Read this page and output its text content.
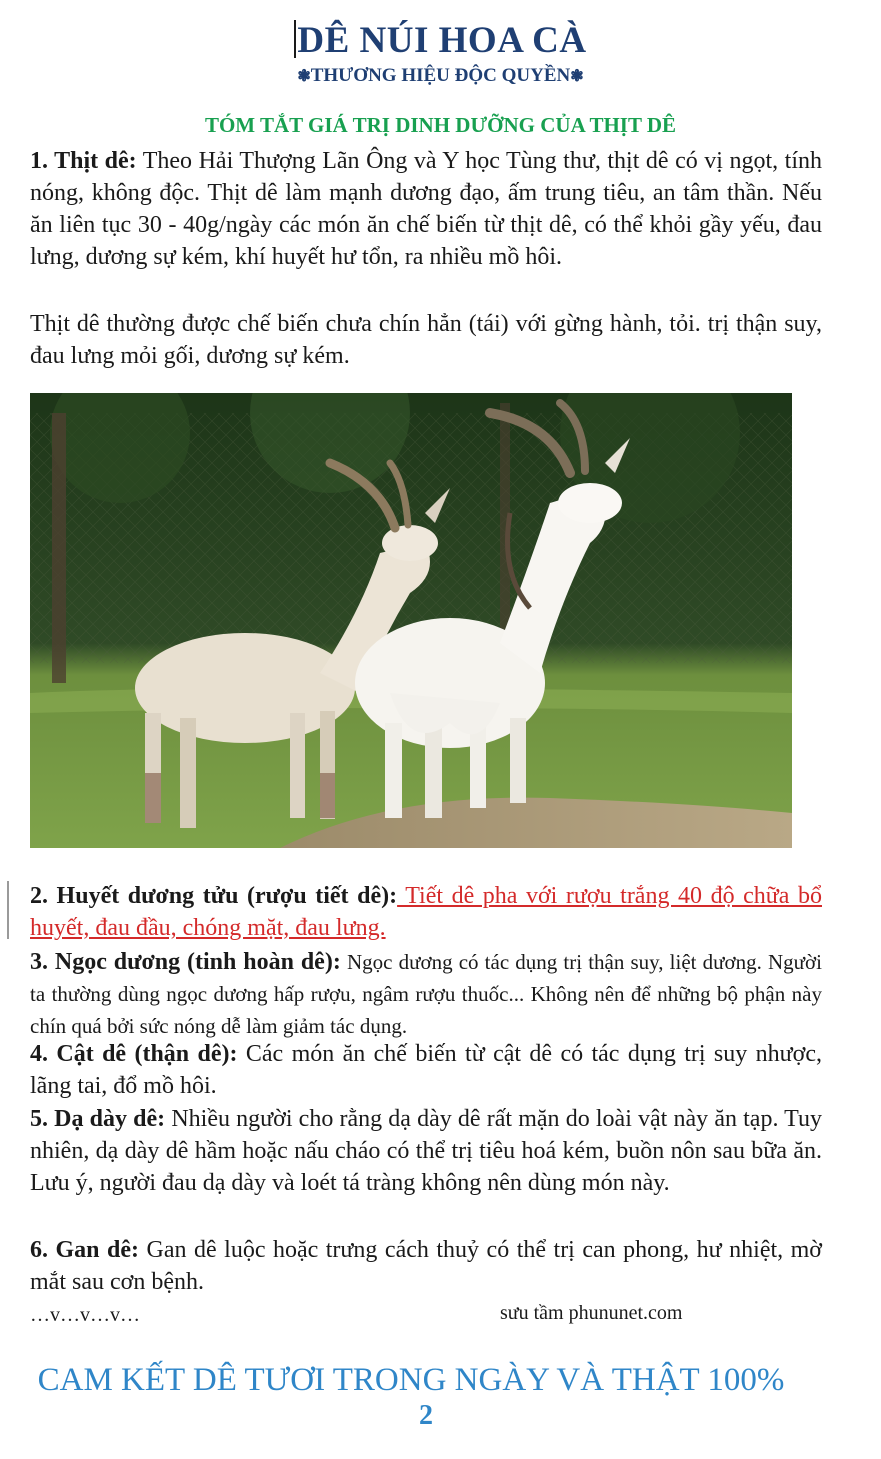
DÊ NÚI HOA CÀ
❃THƯƠNG HIỆU ĐỘC QUYỀN❃
TÓM TẮT GIÁ TRỊ DINH DƯỠNG CỦA THỊT DÊ

1. Thịt dê: Theo Hải Thượng Lãn Ông và Y học Tùng thư, thịt dê có vị ngọt, tính nóng, không độc. Thịt dê làm mạnh dương đạo, ấm trung tiêu, an tâm thần. Nếu ăn liên tục 30 - 40g/ngày các món ăn chế biến từ thịt dê, có thể khỏi gầy yếu, đau lưng, dương sự kém, khí huyết hư tổn, ra nhiều mồ hôi.

Thịt dê thường được chế biến chưa chín hẳn (tái) với gừng hành, tỏi. trị thận suy, đau lưng mỏi gối, dương sự kém.

2. Huyết dương tửu (rượu tiết dê): Tiết dê pha với rượu trắng 40 độ chữa bổ huyết, đau đầu, chóng mặt, đau lưng.

3. Ngọc dương (tinh hoàn dê): Ngọc dương có tác dụng trị thận suy, liệt dương. Người ta thường dùng ngọc dương hấp rượu, ngâm rượu thuốc... Không nên để những bộ phận này chín quá bởi sức nóng dễ làm giảm tác dụng.

4. Cật dê (thận dê): Các món ăn chế biến từ cật dê có tác dụng trị suy nhược, lãng tai, đổ mồ hôi.

5. Dạ dày dê: Nhiều người cho rằng dạ dày dê rất mặn do loài vật này ăn tạp. Tuy nhiên, dạ dày dê hầm hoặc nấu cháo có thể trị tiêu hoá kém, buồn nôn sau bữa ăn. Lưu ý, người đau dạ dày và loét tá tràng không nên dùng món này.

6. Gan dê: Gan dê luộc hoặc trưng cách thuỷ có thể trị can phong, hư nhiệt, mờ mắt sau cơn bệnh.

…v…v…v…	sưu tầm phununet.com
CAM KẾT DÊ TƯƠI TRONG NGÀY VÀ THẬT 100%
2
